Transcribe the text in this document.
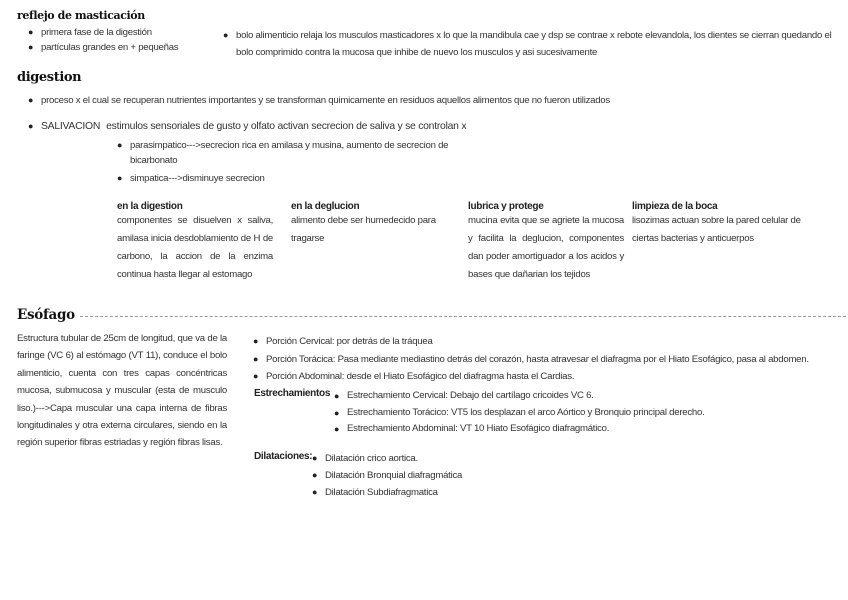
reflejo de masticación
● primera fase de la digestión
● partículas grandes en + pequeñas
● bolo alimenticio relaja los musculos masticadores x lo que la mandibula cae y dsp se contrae x rebote elevandola, los dientes se cierran quedando el bolo comprimido contra la mucosa que inhibe de nuevo los musculos y asi sucesivamente
digestion
● proceso x el cual se recuperan nutrientes importantes y se transforman quimicamente en residuos aquellos alimentos que no fueron utilizados
● SALIVACION estimulos sensoriales de gusto y olfato activan secrecion de saliva y se controlan x
● parasimpatico--->secrecion rica en amilasa y musina, aumento de secrecion de bicarbonato
● simpatica--->disminuye secrecion
en la digestion
componentes se disuelven x saliva, amilasa inicia desdoblamiento de H de carbono, la accion de la enzima continua hasta llegar al estomago
en la deglucion
alimento debe ser humedecido para tragarse
lubrica y protege
mucina evita que se agriete la mucosa y facilita la deglucion, componentes dan poder amortiguador a los acidos y bases que dañarian los tejidos
limpieza de la boca
lisozimas actuan sobre la pared celular de ciertas bacterias y anticuerpos
Esófago
Estructura tubular de 25cm de longitud, que va de la faringe (VC 6) al estómago (VT 11), conduce el bolo alimenticio, cuenta con tres capas concéntricas mucosa, submucosa y muscular (esta de musculo liso.)--->Capa muscular una capa interna de fibras longitudinales y otra externa circulares, siendo en la región superior fibras estriadas y región fibras lisas.
● Porción Cervical: por detrás de la tráquea
● Porción Torácica: Pasa mediante mediastino detrás del corazón, hasta atravesar el diafragma por el Hiato Esofágico, pasa al abdomen.
● Porción Abdominal: desde el Hiato Esofágico del diafragma hasta el Cardias.
Estrechamientos ● Estrechamiento Cervical: Debajo del cartílago cricoides VC 6.
● Estrechamiento Torácico: VT5 los desplazan el arco Aórtico y Bronquio principal derecho.
● Estrechamiento Abdominal: VT 10 Hiato Esofágico diafragmático.
Dilataciones: ● Dilatación crico aortica.
● Dilatación Bronquial diafragmática
● Dilatación Subdiafragmatica
